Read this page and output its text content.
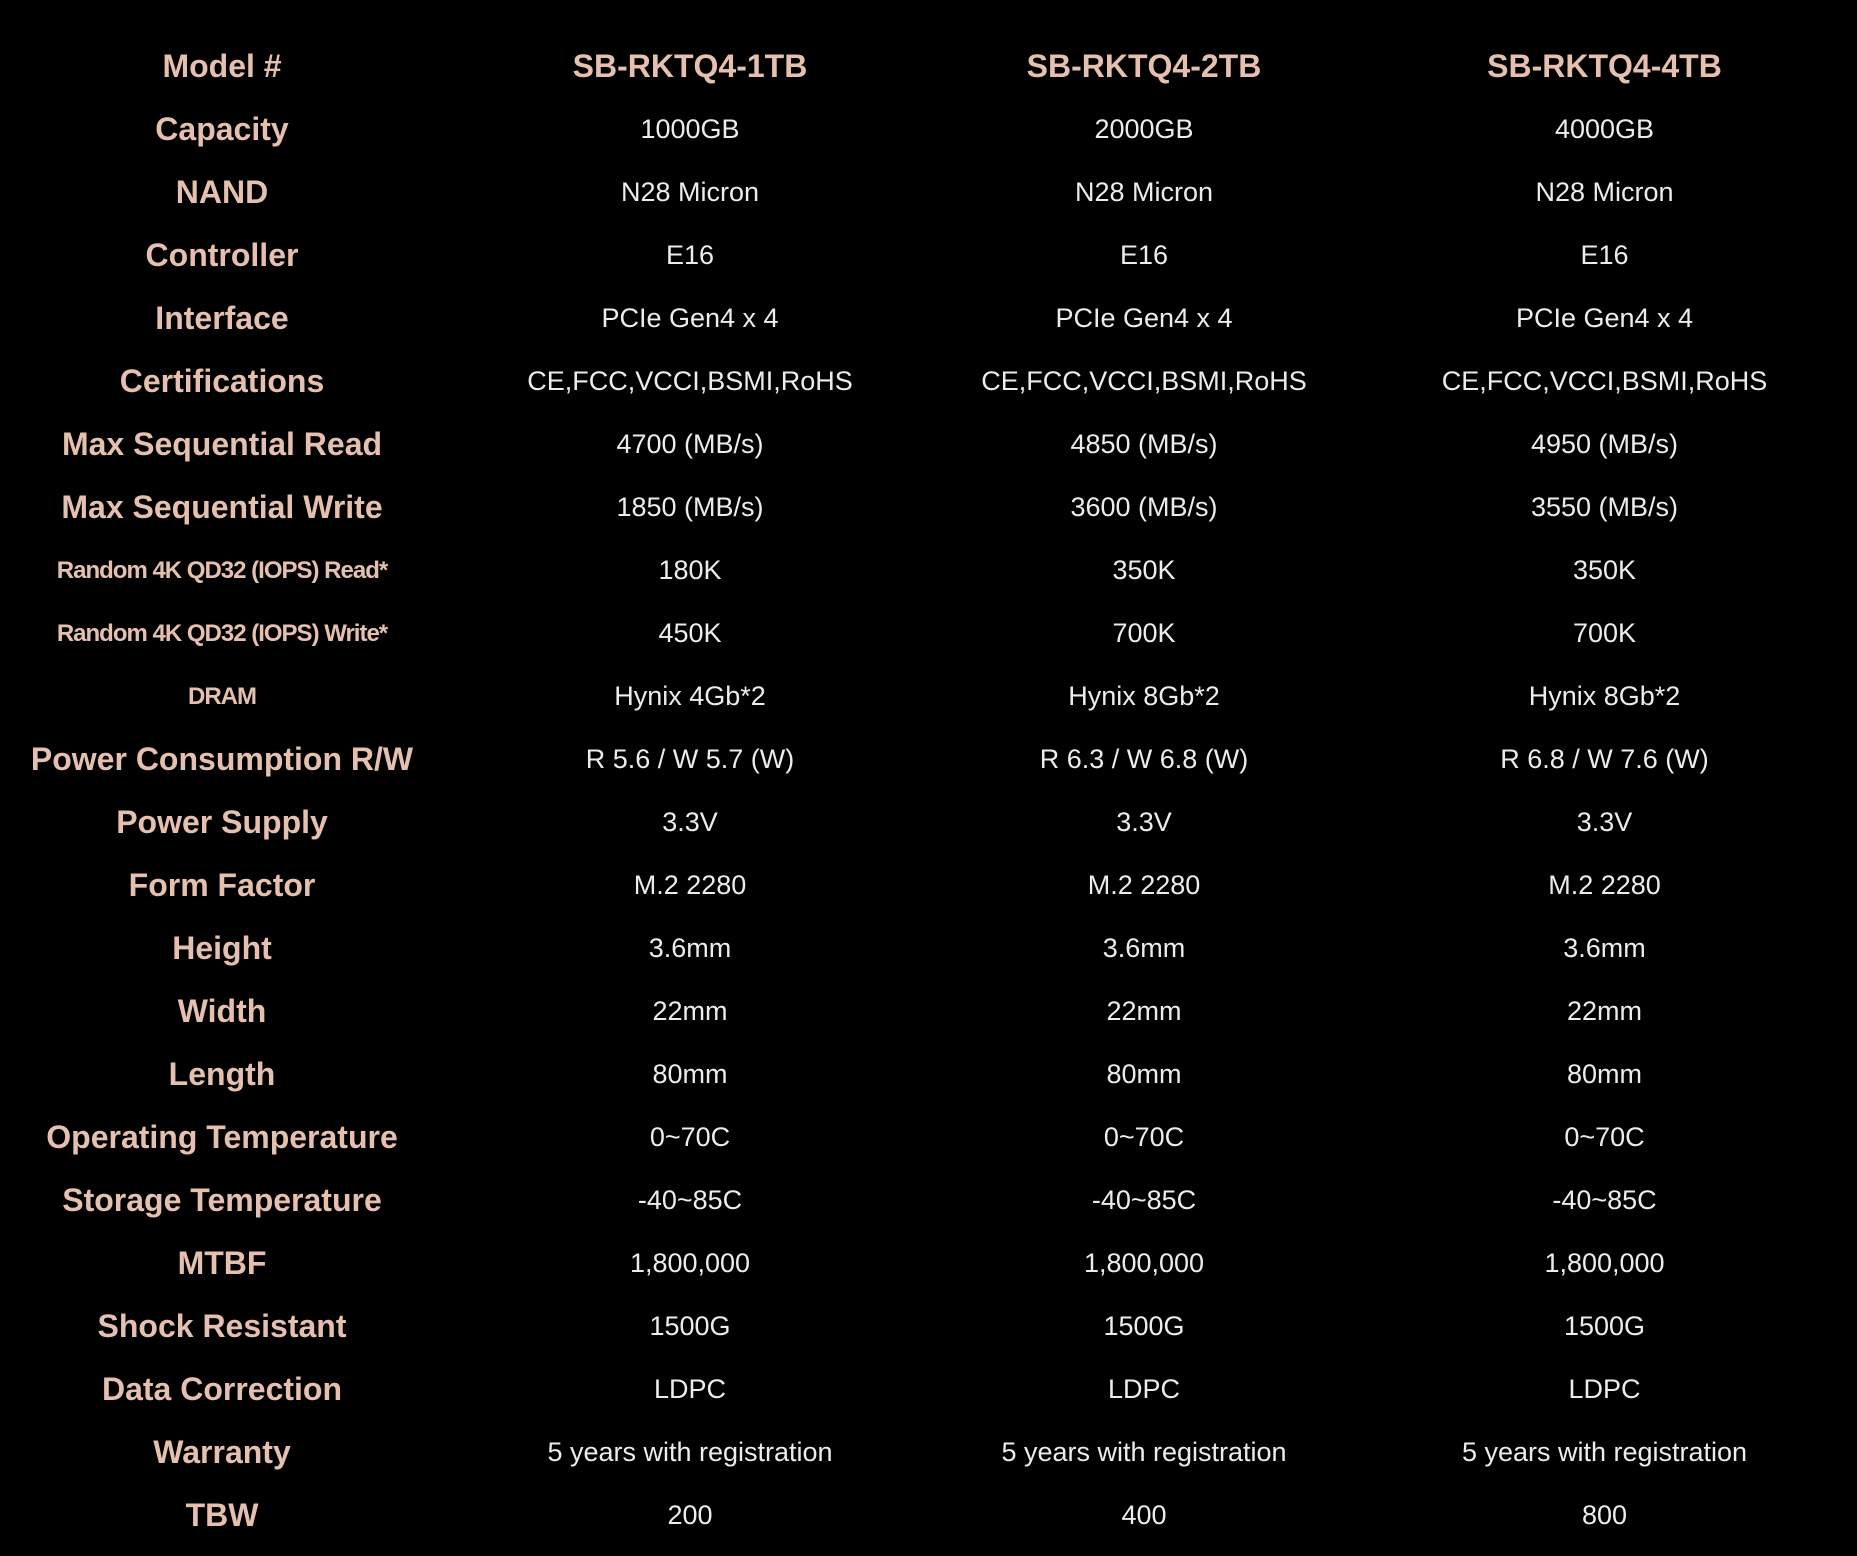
Model #	SB-RKTQ4-1TB	SB-RKTQ4-2TB	SB-RKTQ4-4TB
Capacity	1000GB	2000GB	4000GB
NAND	N28 Micron	N28 Micron	N28 Micron
Controller	E16	E16	E16
Interface	PCIe Gen4 x 4	PCIe Gen4 x 4	PCIe Gen4 x 4
Certifications	CE,FCC,VCCI,BSMI,RoHS	CE,FCC,VCCI,BSMI,RoHS	CE,FCC,VCCI,BSMI,RoHS
Max Sequential Read	4700 (MB/s)	4850 (MB/s)	4950 (MB/s)
Max Sequential Write	1850 (MB/s)	3600 (MB/s)	3550 (MB/s)
Random 4K QD32 (IOPS) Read*	180K	350K	350K
Random 4K QD32 (IOPS) Write*	450K	700K	700K
DRAM	Hynix 4Gb*2	Hynix 8Gb*2	Hynix 8Gb*2
Power Consumption R/W	R 5.6 / W 5.7 (W)	R 6.3 / W 6.8 (W)	R 6.8 / W 7.6 (W)
Power Supply	3.3V	3.3V	3.3V
Form Factor	M.2 2280	M.2 2280	M.2 2280
Height	3.6mm	3.6mm	3.6mm
Width	22mm	22mm	22mm
Length	80mm	80mm	80mm
Operating Temperature	0~70C	0~70C	0~70C
Storage Temperature	-40~85C	-40~85C	-40~85C
MTBF	1,800,000	1,800,000	1,800,000
Shock Resistant	1500G	1500G	1500G
Data Correction	LDPC	LDPC	LDPC
Warranty	5 years with registration	5 years with registration	5 years with registration
TBW	200	400	800
